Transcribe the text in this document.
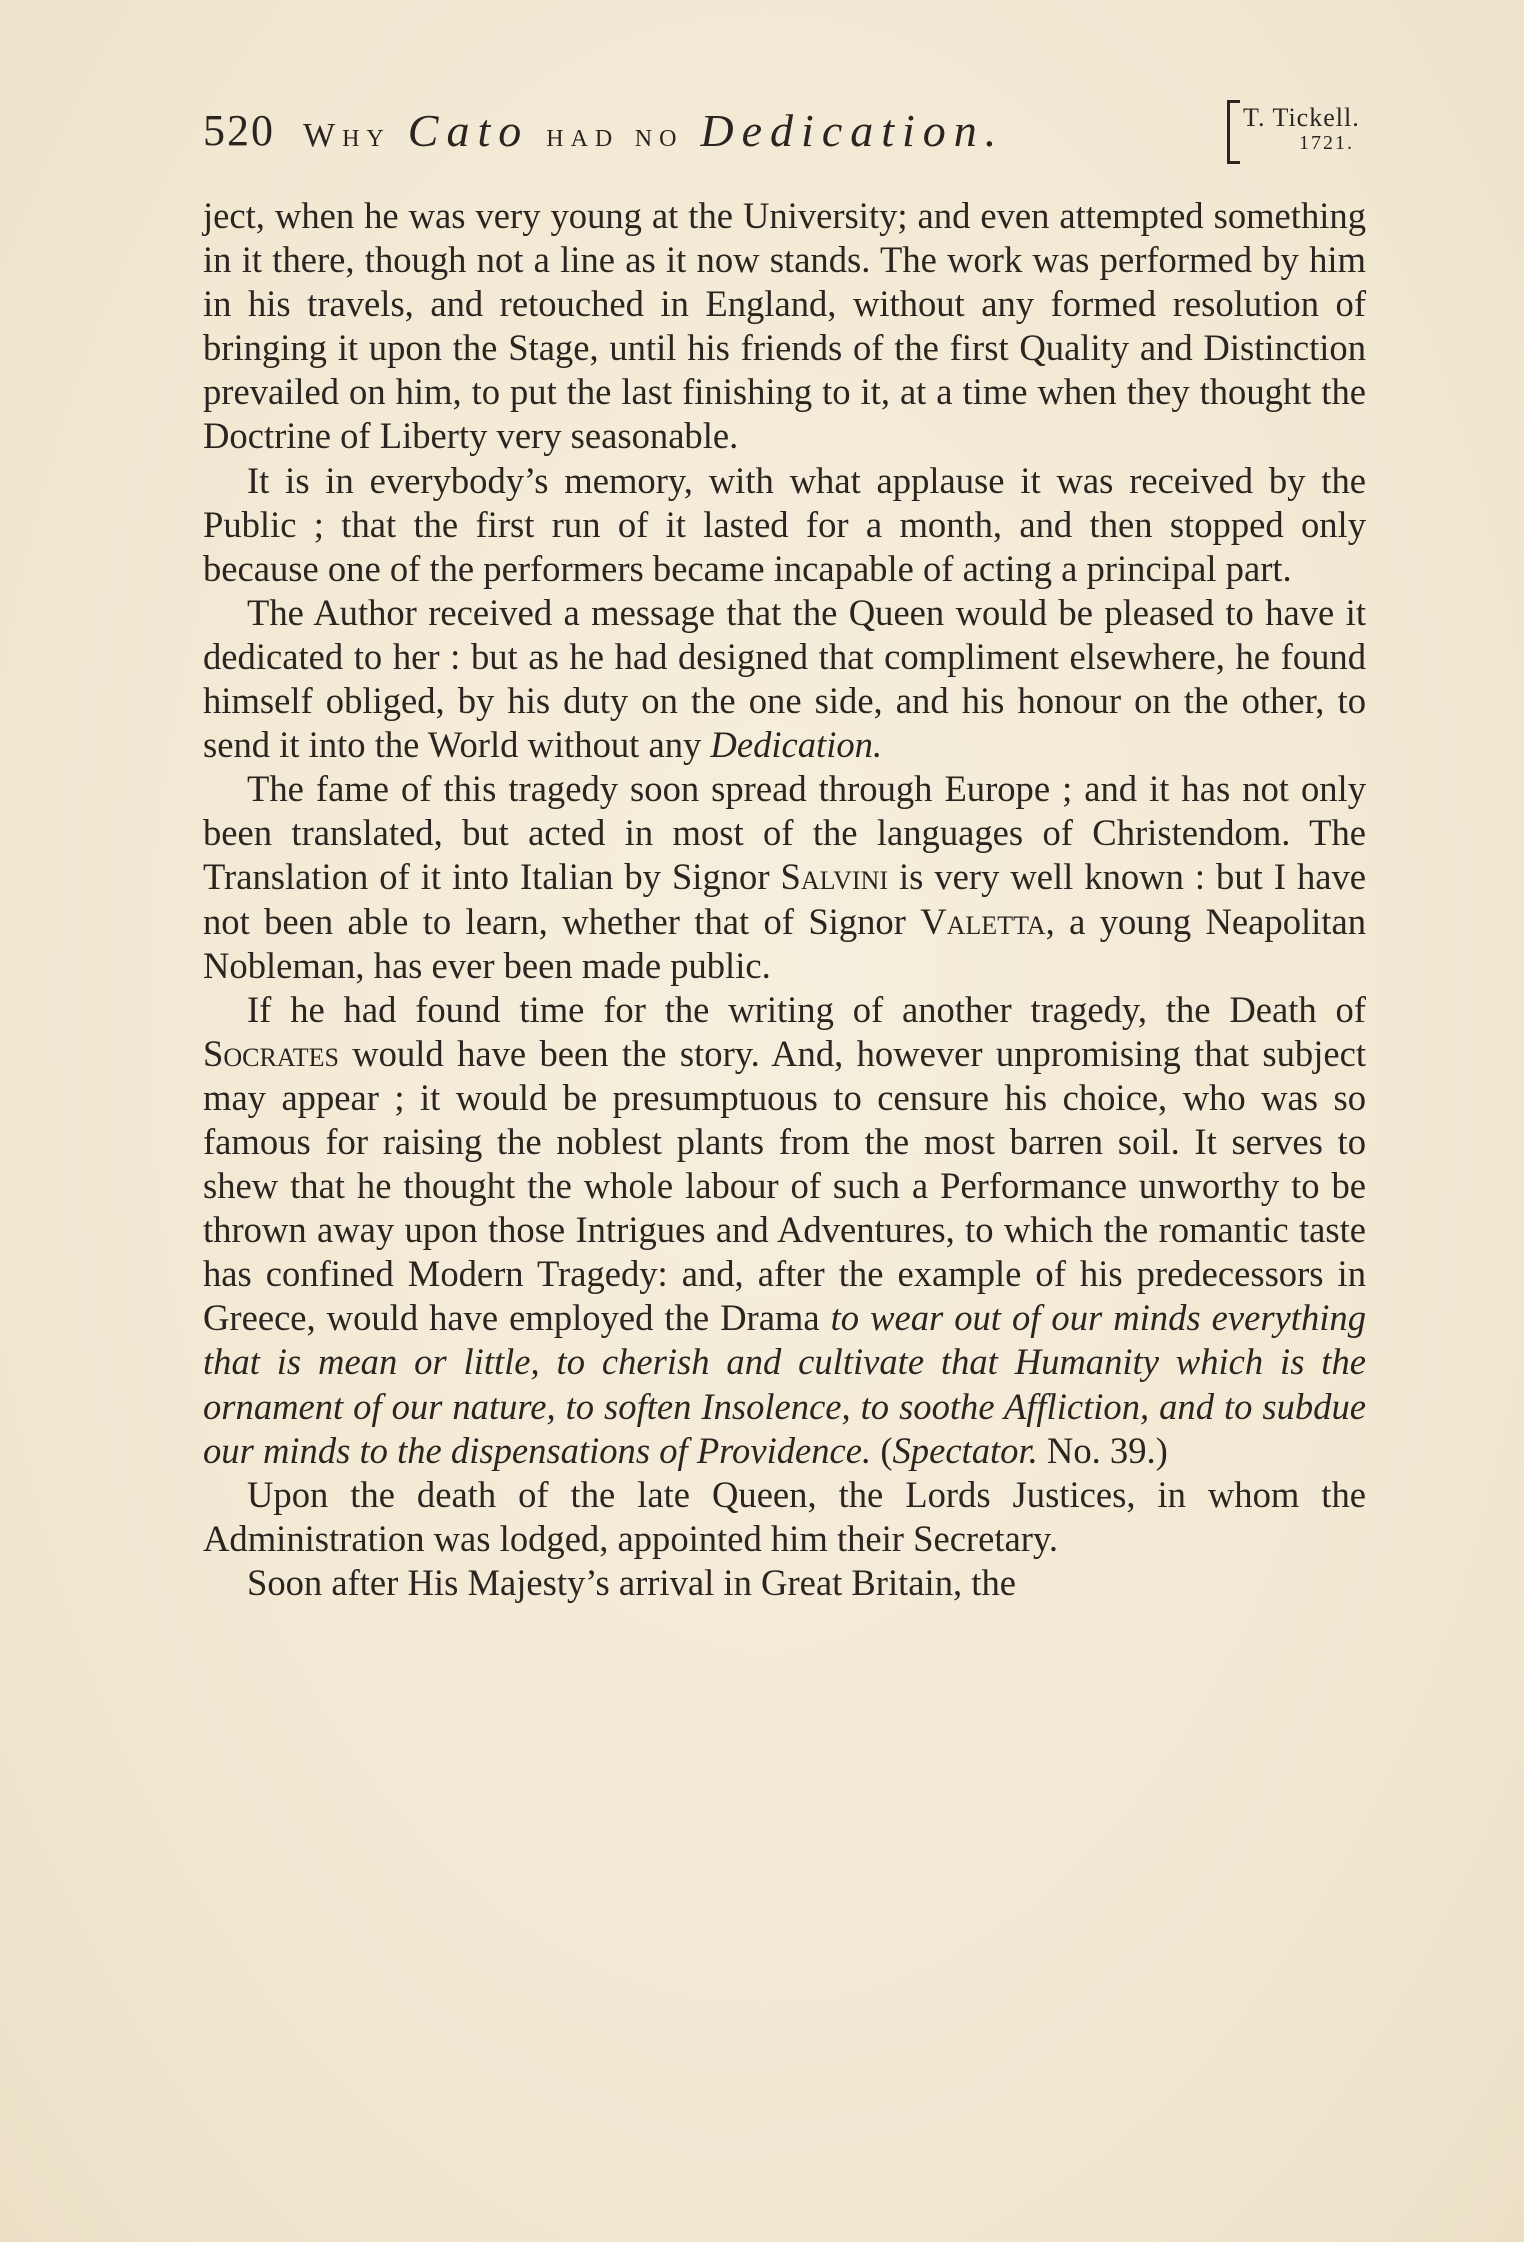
520 Why Cato had no Dedication.	T. Tickell.
1721.

ject, when he was very young at the University; and even attempted something in it there, though not a line as it now stands. The work was performed by him in his travels, and retouched in England, without any formed resolution of bringing it upon the Stage, until his friends of the first Quality and Distinction prevailed on him, to put the last finishing to it, at a time when they thought the Doctrine of Liberty very seasonable.

It is in everybody’s memory, with what applause it was received by the Public ; that the first run of it lasted for a month, and then stopped only because one of the performers became incapable of acting a principal part.

The Author received a message that the Queen would be pleased to have it dedicated to her : but as he had designed that compliment elsewhere, he found himself obliged, by his duty on the one side, and his honour on the other, to send it into the World without any Dedication.

The fame of this tragedy soon spread through Europe ; and it has not only been translated, but acted in most of the languages of Christendom. The Translation of it into Italian by Signor Salvini is very well known : but I have not been able to learn, whether that of Signor Valetta, a young Neapolitan Nobleman, has ever been made public.

If he had found time for the writing of another tragedy, the Death of Socrates would have been the story. And, however unpromising that subject may appear ; it would be presumptuous to censure his choice, who was so famous for raising the noblest plants from the most barren soil. It serves to shew that he thought the whole labour of such a Performance unworthy to be thrown away upon those Intrigues and Adventures, to which the romantic taste has confined Modern Tragedy: and, after the example of his predecessors in Greece, would have employed the Drama to wear out of our minds everything that is mean or little, to cherish and cultivate that Humanity which is the ornament of our nature, to soften Insolence, to soothe Affliction, and to subdue our minds to the dispensations of Providence. (Spectator. No. 39.)

Upon the death of the late Queen, the Lords Justices, in whom the Administration was lodged, appointed him their Secretary.

Soon after His Majesty’s arrival in Great Britain, the
